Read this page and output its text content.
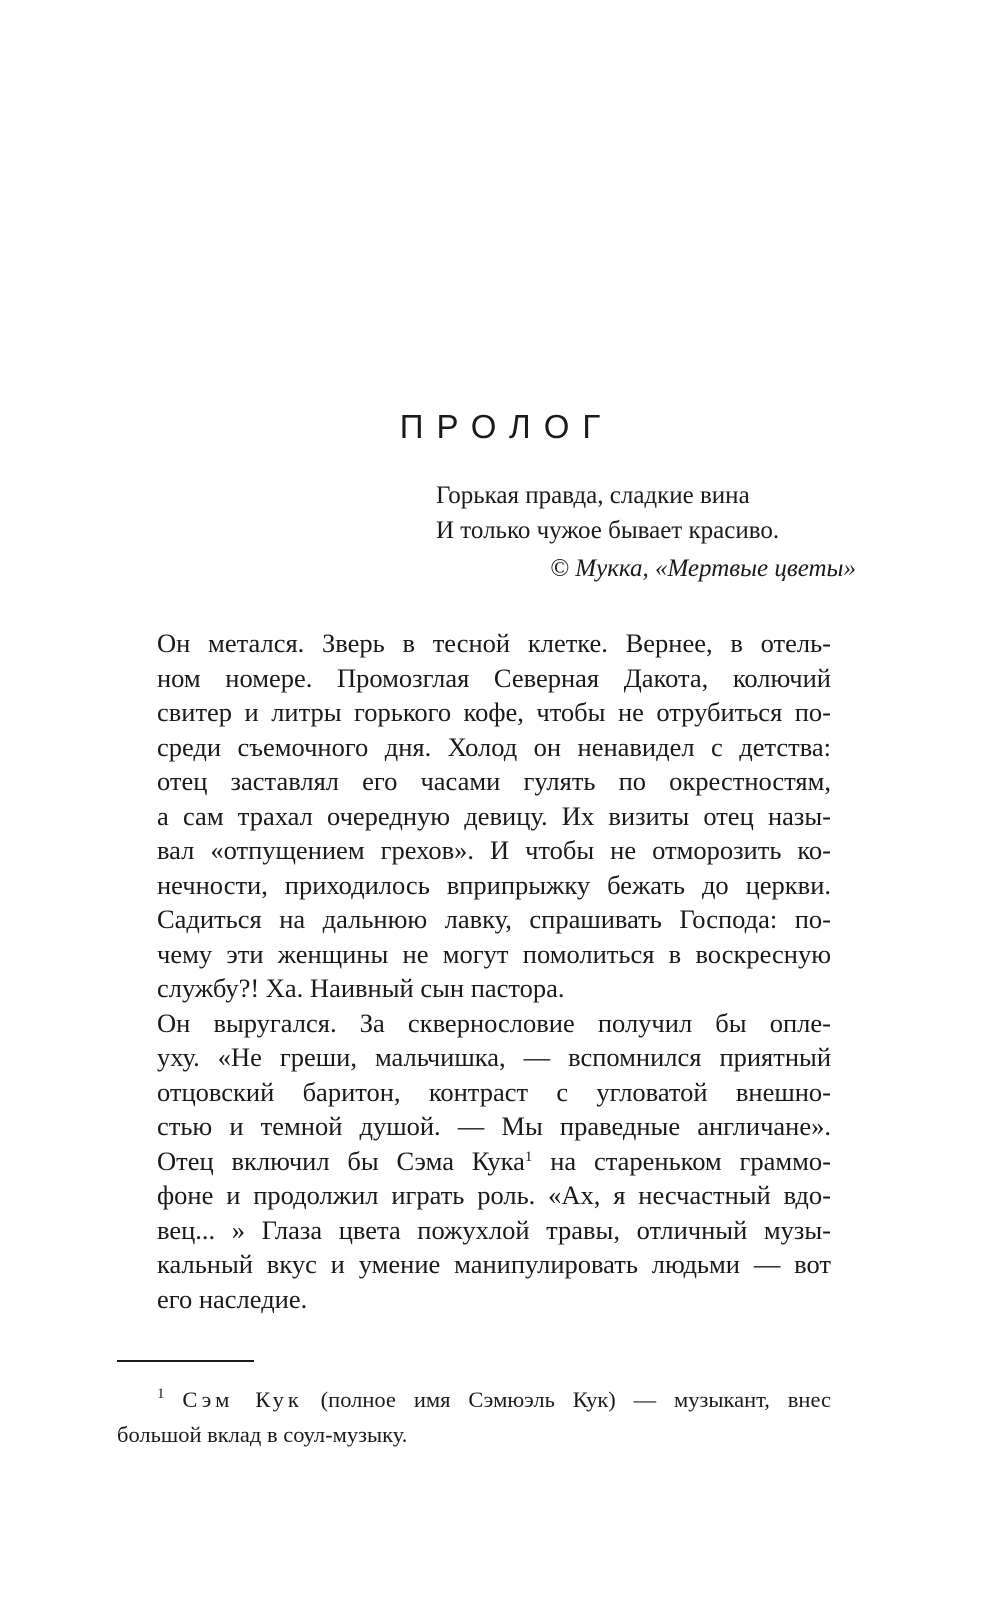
ПРОЛОГ
Горькая правда, сладкие вина
И только чужое бывает красиво.
© Мукка, «Мертвые цветы»
Он метался. Зверь в тесной клетке. Вернее, в отель-
ном номере. Промозглая Северная Дакота, колючий
свитер и литры горького кофе, чтобы не отрубиться по-
среди съемочного дня. Холод он ненавидел с детства:
отец заставлял его часами гулять по окрестностям,
а сам трахал очередную девицу. Их визиты отец назы-
вал «отпущением грехов». И чтобы не отморозить ко-
нечности, приходилось вприпрыжку бежать до церкви.
Садиться на дальнюю лавку, спрашивать Господа: по-
чему эти женщины не могут помолиться в воскресную
службу?! Ха. Наивный сын пастора.
Он выругался. За сквернословие получил бы опле-
уху. «Не греши, мальчишка, — вспомнился приятный
отцовский баритон, контраст с угловатой внешно-
стью и темной душой. — Мы праведные англичане».
Отец включил бы Сэма Кука$^1$ на стареньком граммо-
фоне и продолжил играть роль. «Ах, я несчастный вдо-
вец... » Глаза цвета пожухлой травы, отличный музы-
кальный вкус и умение манипулировать людьми — вот
его наследие.
$^1$ Сэм Кук (полное имя Сэмюэль Кук) — музыкант, внес
большой вклад в соул-музыку.
